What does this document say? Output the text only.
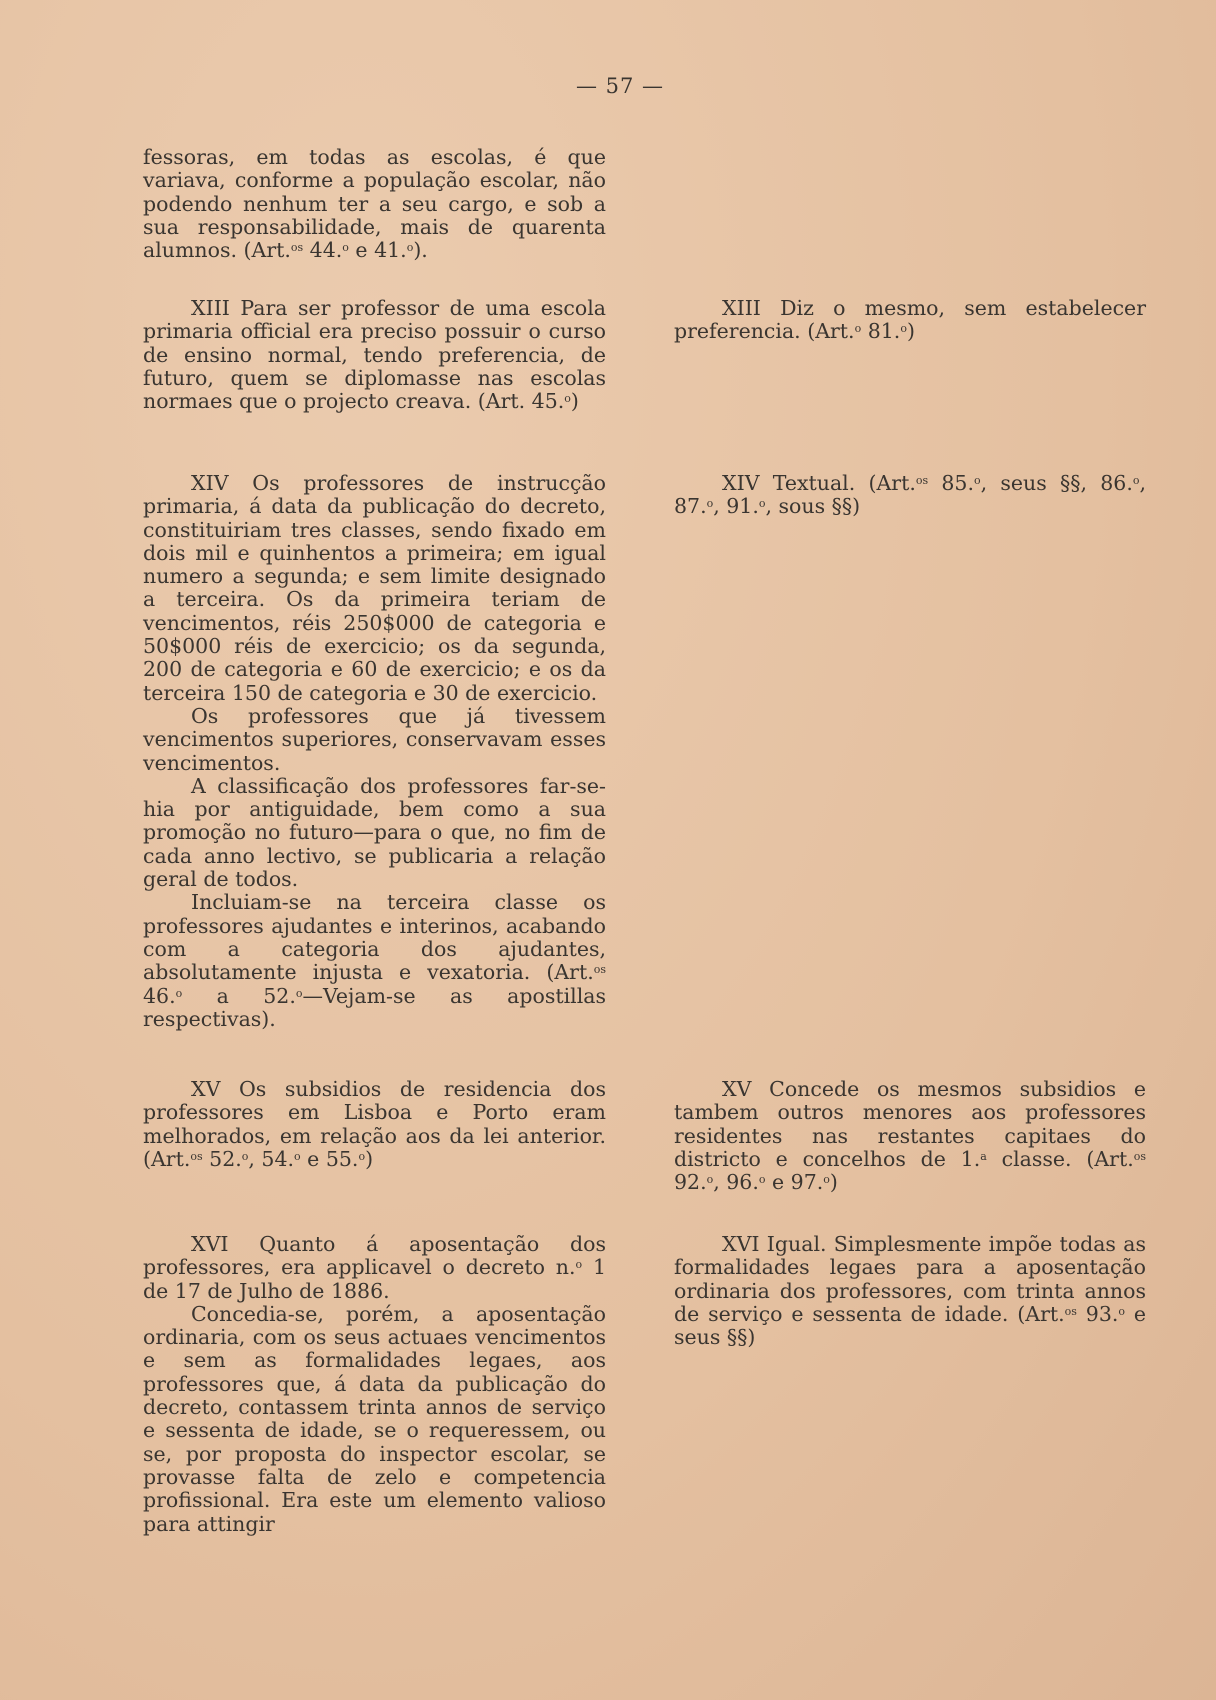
— 57 —

fessoras, em todas as escolas, é que variava, conforme a população escolar, não podendo nenhum ter a seu cargo, e sob a sua responsabilidade, mais de quarenta alumnos. (Art.$^{os}$ 44.$^o$ e 41.$^o$).

XIII Para ser professor de uma escola primaria official era preciso possuir o curso de ensino normal, tendo preferencia, de futuro, quem se diplomasse nas escolas normaes que o projecto creava. (Art. 45.$^o$)

XIV Os professores de instrucção primaria, á data da publicação do decreto, constituiriam tres classes, sendo fixado em dois mil e quinhentos a primeira; em igual numero a segunda; e sem limite designado a terceira. Os da primeira teriam de vencimentos, réis 250$000 de categoria e 50$000 réis de exercicio; os da segunda, 200 de categoria e 60 de exercicio; e os da terceira 150 de categoria e 30 de exercicio.

Os professores que já tivessem vencimentos superiores, conservavam esses vencimentos.

A classificação dos professores far-se-hia por antiguidade, bem como a sua promoção no futuro—para o que, no fim de cada anno lectivo, se publicaria a relação geral de todos.

Incluiam-se na terceira classe os professores ajudantes e interinos, acabando com a categoria dos ajudantes, absolutamente injusta e vexatoria. (Art.$^{os}$ 46.$^o$ a 52.$^o$—Vejam-se as apostillas respectivas).

XV Os subsidios de residencia dos professores em Lisboa e Porto eram melhorados, em relação aos da lei anterior. (Art.$^{os}$ 52.$^o$, 54.$^o$ e 55.$^o$)

XVI Quanto á aposentação dos professores, era applicavel o decreto n.$^o$ 1 de 17 de Julho de 1886.

Concedia-se, porém, a aposentação ordinaria, com os seus actuaes vencimentos e sem as formalidades legaes, aos professores que, á data da publicação do decreto, contassem trinta annos de serviço e sessenta de idade, se o requeressem, ou se, por proposta do inspector escolar, se provasse falta de zelo e competencia profissional. Era este um elemento valioso para attingir

XIII Diz o mesmo, sem estabelecer preferencia. (Art.$^o$ 81.$^o$)

XIV Textual. (Art.$^{os}$ 85.$^o$, seus §§, 86.$^o$, 87.$^o$, 91.$^o$, sous §§)

XV Concede os mesmos subsidios e tambem outros menores aos professores residentes nas restantes capitaes do districto e concelhos de 1.$^a$ classe. (Art.$^{os}$ 92.$^o$, 96.$^o$ e 97.$^o$)

XVI Igual. Simplesmente impõe todas as formalidades legaes para a aposentação ordinaria dos professores, com trinta annos de serviço e sessenta de idade. (Art.$^{os}$ 93.$^o$ e seus §§)
